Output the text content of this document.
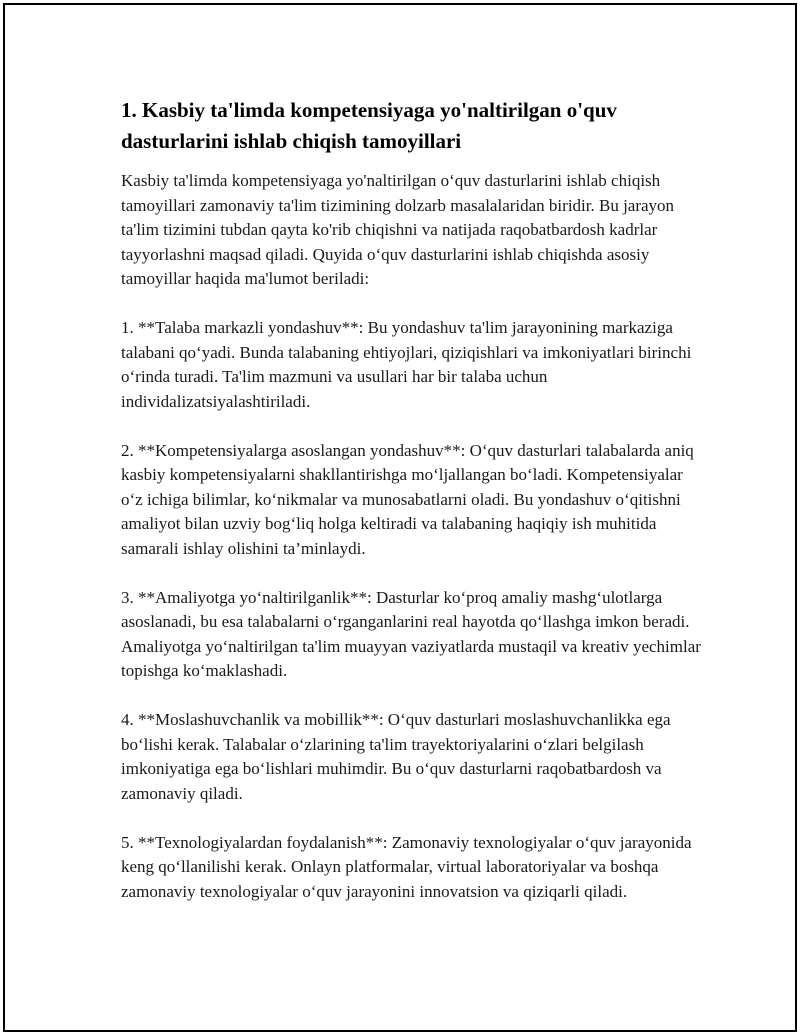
1. Kasbiy ta'limda kompetensiyaga yo'naltirilgan o'quv dasturlarini ishlab chiqish tamoyillari

Kasbiy ta'limda kompetensiyaga yo'naltirilgan o‘quv dasturlarini ishlab chiqish tamoyillari zamonaviy ta'lim tizimining dolzarb masalalaridan biridir. Bu jarayon ta'lim tizimini tubdan qayta ko'rib chiqishni va natijada raqobatbardosh kadrlar tayyorlashni maqsad qiladi. Quyida o‘quv dasturlarini ishlab chiqishda asosiy tamoyillar haqida ma'lumot beriladi:

1. **Talaba markazli yondashuv**: Bu yondashuv ta'lim jarayonining markaziga talabani qo‘yadi. Bunda talabaning ehtiyojlari, qiziqishlari va imkoniyatlari birinchi o‘rinda turadi. Ta'lim mazmuni va usullari har bir talaba uchun individalizatsiyalashtiriladi.

2. **Kompetensiyalarga asoslangan yondashuv**: O‘quv dasturlari talabalarda aniq kasbiy kompetensiyalarni shakllantirishga mo‘ljallangan bo‘ladi. Kompetensiyalar o‘z ichiga bilimlar, ko‘nikmalar va munosabatlarni oladi. Bu yondashuv o‘qitishni amaliyot bilan uzviy bog‘liq holga keltiradi va talabaning haqiqiy ish muhitida samarali ishlay olishini ta’minlaydi.

3. **Amaliyotga yo‘naltirilganlik**: Dasturlar ko‘proq amaliy mashg‘ulotlarga asoslanadi, bu esa talabalarni o‘rganganlarini real hayotda qo‘llashga imkon beradi. Amaliyotga yo‘naltirilgan ta'lim muayyan vaziyatlarda mustaqil va kreativ yechimlar topishga ko‘maklashadi.

4. **Moslashuvchanlik va mobillik**: O‘quv dasturlari moslashuvchanlikka ega bo‘lishi kerak. Talabalar o‘zlarining ta'lim trayektoriyalarini o‘zlari belgilash imkoniyatiga ega bo‘lishlari muhimdir. Bu o‘quv dasturlarni raqobatbardosh va zamonaviy qiladi.

5. **Texnologiyalardan foydalanish**: Zamonaviy texnologiyalar o‘quv jarayonida keng qo‘llanilishi kerak. Onlayn platformalar, virtual laboratoriyalar va boshqa zamonaviy texnologiyalar o‘quv jarayonini innovatsion va qiziqarli qiladi.
